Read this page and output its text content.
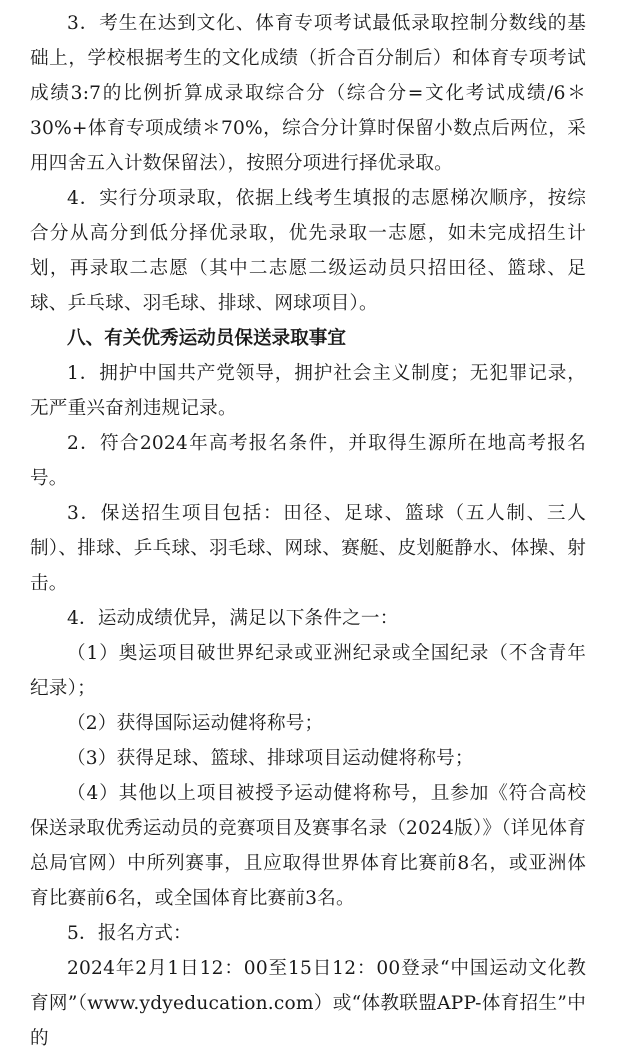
3．考生在达到文化、体育专项考试最低录取控制分数线的基础上，学校根据考生的文化成绩（折合百分制后）和体育专项考试成绩3:7的比例折算成录取综合分（综合分=文化考试成绩/6＊30%+体育专项成绩＊70%，综合分计算时保留小数点后两位，采用四舍五入计数保留法），按照分项进行择优录取。

4．实行分项录取，依据上线考生填报的志愿梯次顺序，按综合分从高分到低分择优录取，优先录取一志愿，如未完成招生计划，再录取二志愿（其中二志愿二级运动员只招田径、篮球、足球、乒乓球、羽毛球、排球、网球项目）。

八、有关优秀运动员保送录取事宜

1．拥护中国共产党领导，拥护社会主义制度；无犯罪记录，无严重兴奋剂违规记录。

2．符合2024年高考报名条件，并取得生源所在地高考报名号。

3．保送招生项目包括：田径、足球、篮球（五人制、三人制）、排球、乒乓球、羽毛球、网球、赛艇、皮划艇静水、体操、射击。

4．运动成绩优异，满足以下条件之一：

（1）奥运项目破世界纪录或亚洲纪录或全国纪录（不含青年纪录）；

（2）获得国际运动健将称号；

（3）获得足球、篮球、排球项目运动健将称号；

（4）其他以上项目被授予运动健将称号，且参加《符合高校保送录取优秀运动员的竞赛项目及赛事名录（2024版）》（详见体育总局官网）中所列赛事，且应取得世界体育比赛前8名，或亚洲体育比赛前6名，或全国体育比赛前3名。

5．报名方式：

2024年2月1日12：00至15日12：00登录“中国运动文化教育网”（www.ydyeducation.com）或“体教联盟APP-体育招生”中的
